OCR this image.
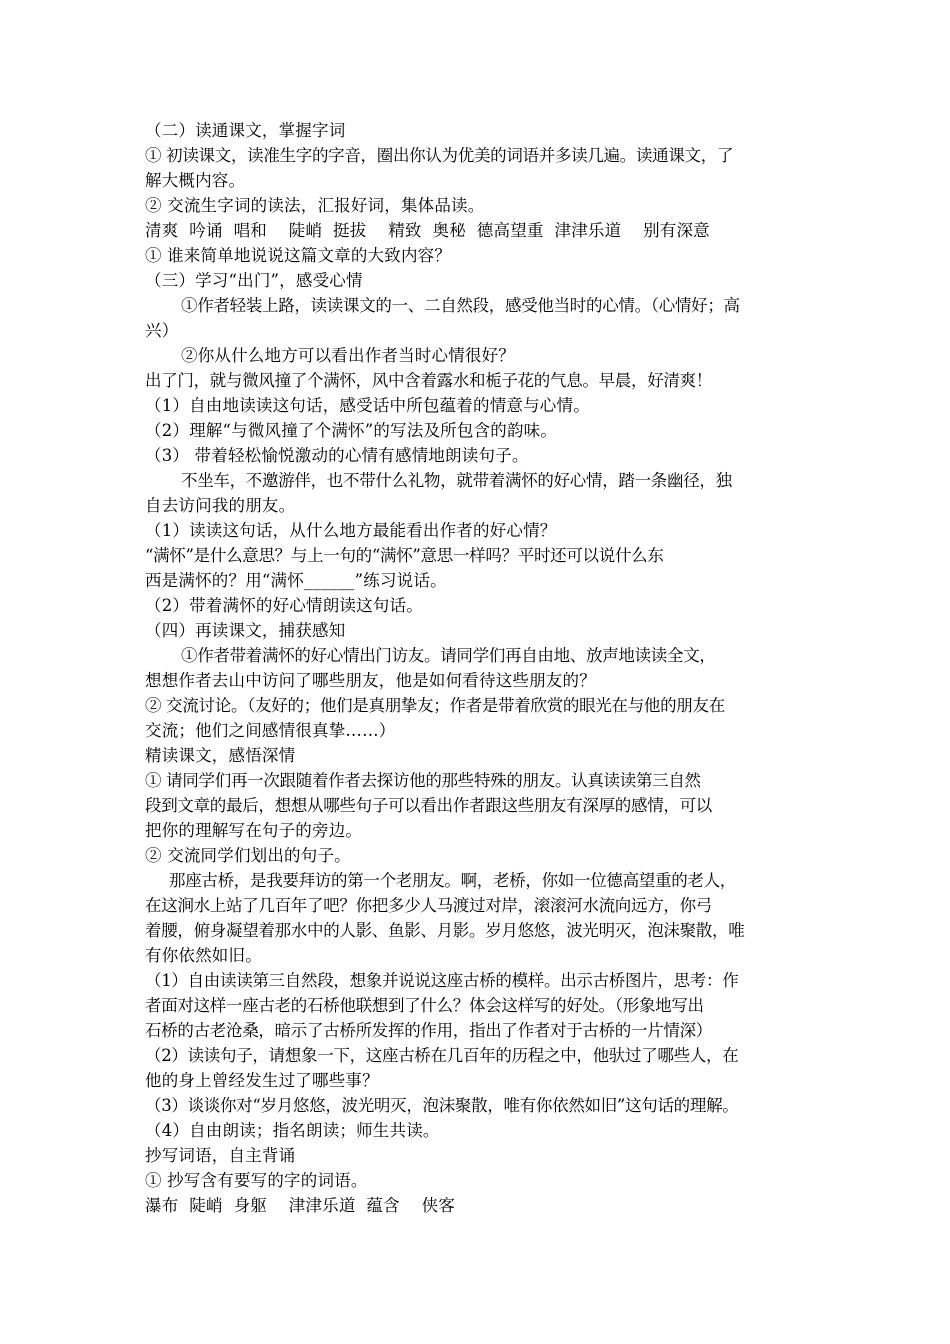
（二）读通课文，掌握字词
① 初读课文，读准生字的字音，圈出你认为优美的词语并多读几遍。读通课文，了
解大概内容。
② 交流生字词的读法，汇报好词，集体品读。
清爽  吟诵  唱和    陡峭  挺拔    精致  奥秘  德高望重  津津乐道    别有深意
① 谁来简单地说说这篇文章的大致内容？
（三）学习“出门”，感受心情
①作者轻装上路，读读课文的一、二自然段，感受他当时的心情。（心情好；高
兴）
②你从什么地方可以看出作者当时心情很好？
出了门，就与微风撞了个满怀，风中含着露水和栀子花的气息。早晨，好清爽！
（1）自由地读读这句话，感受话中所包蕴着的情意与心情。
（2）理解“与微风撞了个满怀”的写法及所包含的韵味。
（3） 带着轻松愉悦激动的心情有感情地朗读句子。
不坐车，不邀游伴，也不带什么礼物，就带着满怀的好心情，踏一条幽径，独
自去访问我的朋友。
（1）读读这句话，从什么地方最能看出作者的好心情？
“满怀”是什么意思？与上一句的“满怀”意思一样吗？平时还可以说什么东
西是满怀的？用“满怀______”练习说话。
（2）带着满怀的好心情朗读这句话。
（四）再读课文，捕获感知
①作者带着满怀的好心情出门访友。请同学们再自由地、放声地读读全文，
想想作者去山中访问了哪些朋友，他是如何看待这些朋友的？
② 交流讨论。（友好的；他们是真朋挚友；作者是带着欣赏的眼光在与他的朋友在
交流；他们之间感情很真挚……）
精读课文，感悟深情
① 请同学们再一次跟随着作者去探访他的那些特殊的朋友。认真读读第三自然
段到文章的最后，想想从哪些句子可以看出作者跟这些朋友有深厚的感情，可以
把你的理解写在句子的旁边。
② 交流同学们划出的句子。
那座古桥，是我要拜访的第一个老朋友。啊，老桥，你如一位德高望重的老人，
在这涧水上站了几百年了吧？你把多少人马渡过对岸，滚滚河水流向远方，你弓
着腰，俯身凝望着那水中的人影、鱼影、月影。岁月悠悠，波光明灭，泡沫聚散，唯
有你依然如旧。
（1）自由读读第三自然段，想象并说说这座古桥的模样。出示古桥图片，思考：作
者面对这样一座古老的石桥他联想到了什么？体会这样写的好处。（形象地写出
石桥的古老沧桑，暗示了古桥所发挥的作用，指出了作者对于古桥的一片情深）
（2）读读句子，请想象一下，这座古桥在几百年的历程之中，他驮过了哪些人，在
他的身上曾经发生过了哪些事？
（3）谈谈你对“岁月悠悠，波光明灭，泡沫聚散，唯有你依然如旧”这句话的理解。
（4）自由朗读；指名朗读；师生共读。
抄写词语，自主背诵
① 抄写含有要写的字的词语。
瀑布  陡峭  身躯    津津乐道  蕴含    侠客
